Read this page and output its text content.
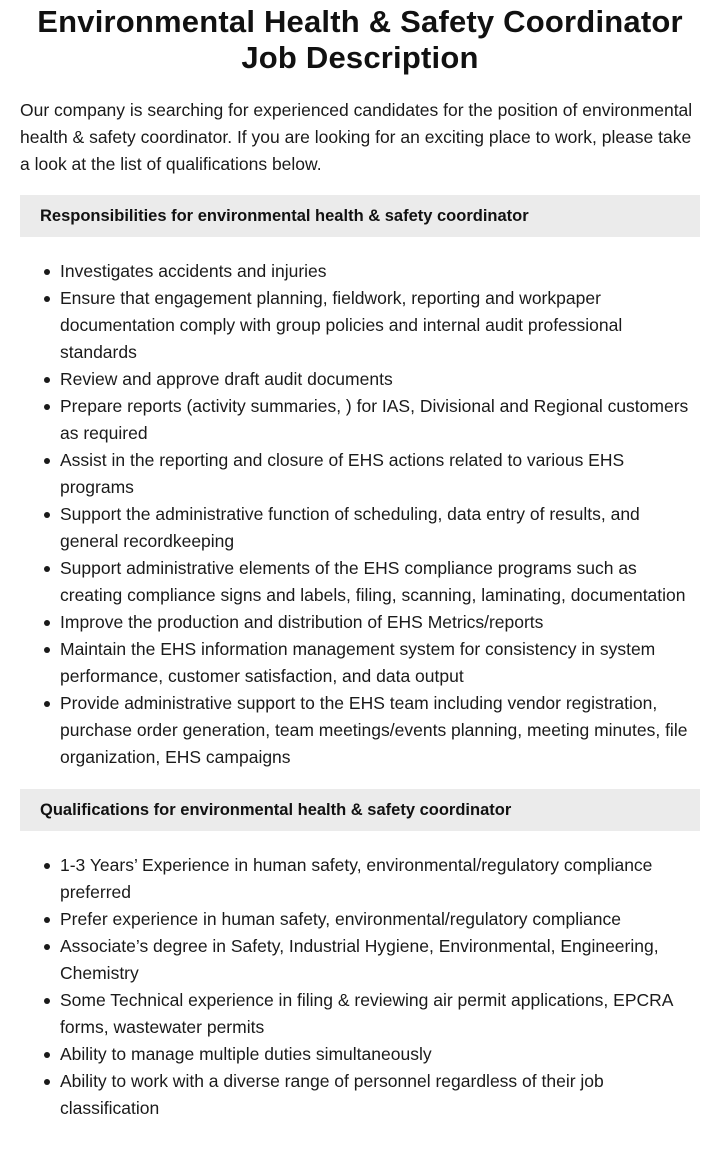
Environmental Health & Safety Coordinator Job Description

Our company is searching for experienced candidates for the position of environmental health & safety coordinator. If you are looking for an exciting place to work, please take a look at the list of qualifications below.

Responsibilities for environmental health & safety coordinator
Investigates accidents and injuries
Ensure that engagement planning, fieldwork, reporting and workpaper documentation comply with group policies and internal audit professional standards
Review and approve draft audit documents
Prepare reports (activity summaries, ) for IAS, Divisional and Regional customers as required
Assist in the reporting and closure of EHS actions related to various EHS programs
Support the administrative function of scheduling, data entry of results, and general recordkeeping
Support administrative elements of the EHS compliance programs such as creating compliance signs and labels, filing, scanning, laminating, documentation
Improve the production and distribution of EHS Metrics/reports
Maintain the EHS information management system for consistency in system performance, customer satisfaction, and data output
Provide administrative support to the EHS team including vendor registration, purchase order generation, team meetings/events planning, meeting minutes, file organization, EHS campaigns
Qualifications for environmental health & safety coordinator
1-3 Years’ Experience in human safety, environmental/regulatory compliance preferred
Prefer experience in human safety, environmental/regulatory compliance
Associate’s degree in Safety, Industrial Hygiene, Environmental, Engineering, Chemistry
Some Technical experience in filing & reviewing air permit applications, EPCRA forms, wastewater permits
Ability to manage multiple duties simultaneously
Ability to work with a diverse range of personnel regardless of their job classification
